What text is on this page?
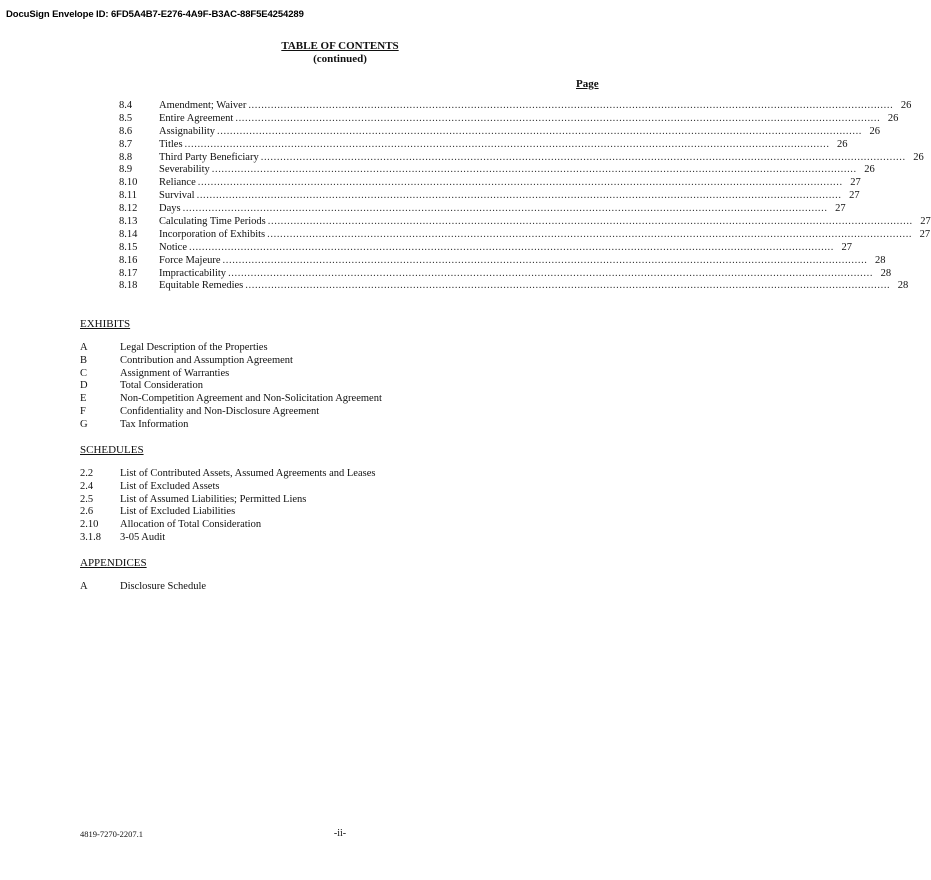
DocuSign Envelope ID: 6FD5A4B7-E276-4A9F-B3AC-88F5E4254289
TABLE OF CONTENTS
(continued)
Page
8.4	Amendment; Waiver ........................................................................................................................................................................................................ 26
8.5	Entire Agreement ........................................................................................................................................................................................................ 26
8.6	Assignability ........................................................................................................................................................................................................ 26
8.7	Titles ........................................................................................................................................................................................................ 26
8.8	Third Party Beneficiary ........................................................................................................................................................................................................ 26
8.9	Severability ........................................................................................................................................................................................................ 26
8.10	Reliance ........................................................................................................................................................................................................ 27
8.11	Survival ........................................................................................................................................................................................................ 27
8.12	Days ........................................................................................................................................................................................................ 27
8.13	Calculating Time Periods ........................................................................................................................................................................................................ 27
8.14	Incorporation of Exhibits ........................................................................................................................................................................................................ 27
8.15	Notice ........................................................................................................................................................................................................ 27
8.16	Force Majeure ........................................................................................................................................................................................................ 28
8.17	Impracticability ........................................................................................................................................................................................................ 28
8.18	Equitable Remedies ........................................................................................................................................................................................................ 28
EXHIBITS
A	Legal Description of the Properties
B	Contribution and Assumption Agreement
C	Assignment of Warranties
D	Total Consideration
E	Non-Competition Agreement and Non-Solicitation Agreement
F	Confidentiality and Non-Disclosure Agreement
G	Tax Information
SCHEDULES
2.2	List of Contributed Assets, Assumed Agreements and Leases
2.4	List of Excluded Assets
2.5	List of Assumed Liabilities; Permitted Liens
2.6	List of Excluded Liabilities
2.10	Allocation of Total Consideration
3.1.8	3-05 Audit
APPENDICES
A	Disclosure Schedule
4819-7270-2207.1	-ii-
